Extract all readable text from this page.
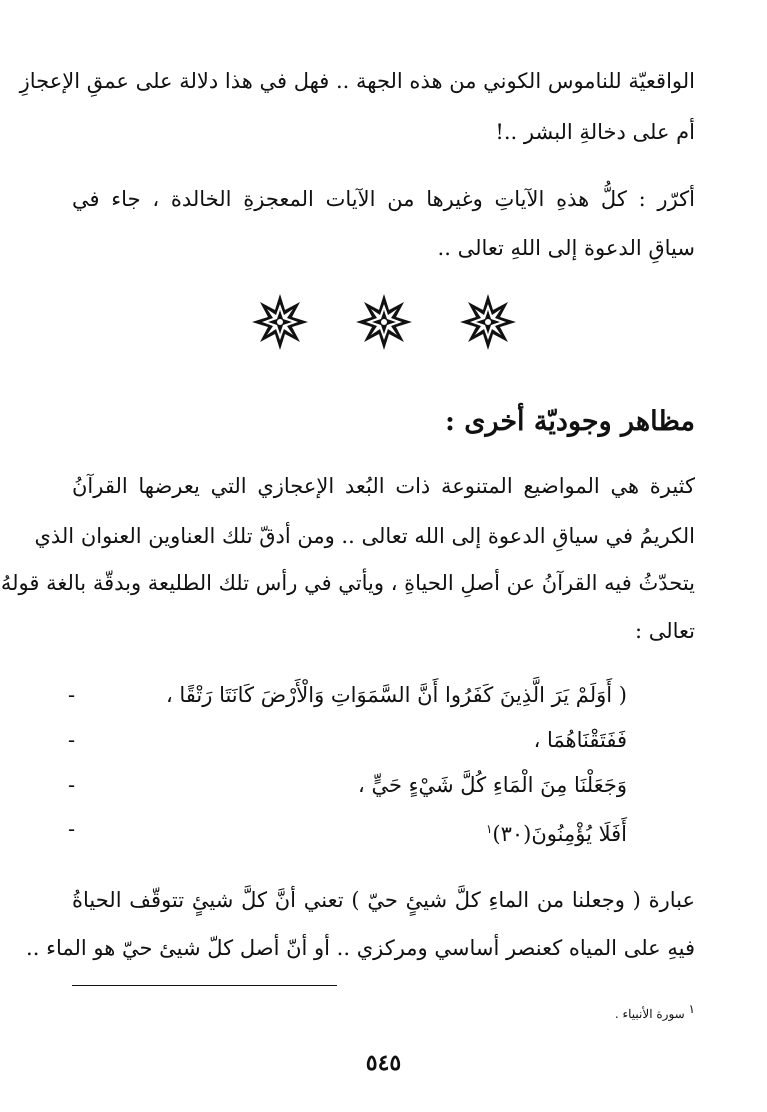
الواقعيّة للناموس الكوني من هذه الجهة .. فهل في هذا دلالة على عمقِ الإعجازِ
أم على دخالةِ البشر ..!
أكرّر : كلُّ هذهِ الآياتِ وغيرها من الآيات المعجزةِ الخالدة ، جاء في
سياقِ الدعوة إلى اللهِ تعالى ..
مظاهر وجوديّة أخرى :
كثيرة هي المواضيع المتنوعة ذات البُعد الإعجازي التي يعرضها القرآنُ
الكريمُ في سياقِ الدعوة إلى الله تعالى .. ومن أدقّ تلك العناوين العنوان الذي
يتحدّثُ فيه القرآنُ عن أصلِ الحياةِ ، ويأتي في رأس تلك الطليعة وبدقّة بالغة قولهُ
تعالى :
-	( أَوَلَمْ يَرَ الَّذِينَ كَفَرُوا أَنَّ السَّمَوَاتِ وَالْأَرْضَ كَانَتَا رَتْقًا ،
-	فَفَتَقْنَاهُمَا ،
-	وَجَعَلْنَا مِنَ الْمَاءِ كُلَّ شَيْءٍ حَيٍّ ،
-	أَفَلَا يُؤْمِنُونَ(٣٠)$^١$
عبارة ( وجعلنا من الماءِ كلَّ شيئٍ حيّ ) تعني أنَّ كلَّ شيئٍ تتوقّف الحياةُ
فيهِ على المياه كعنصر أساسي ومركزي .. أو أنّ أصل كلّ شيئ حيّ هو الماء ..
١ سورة الأنبياء .
٥٤٥
